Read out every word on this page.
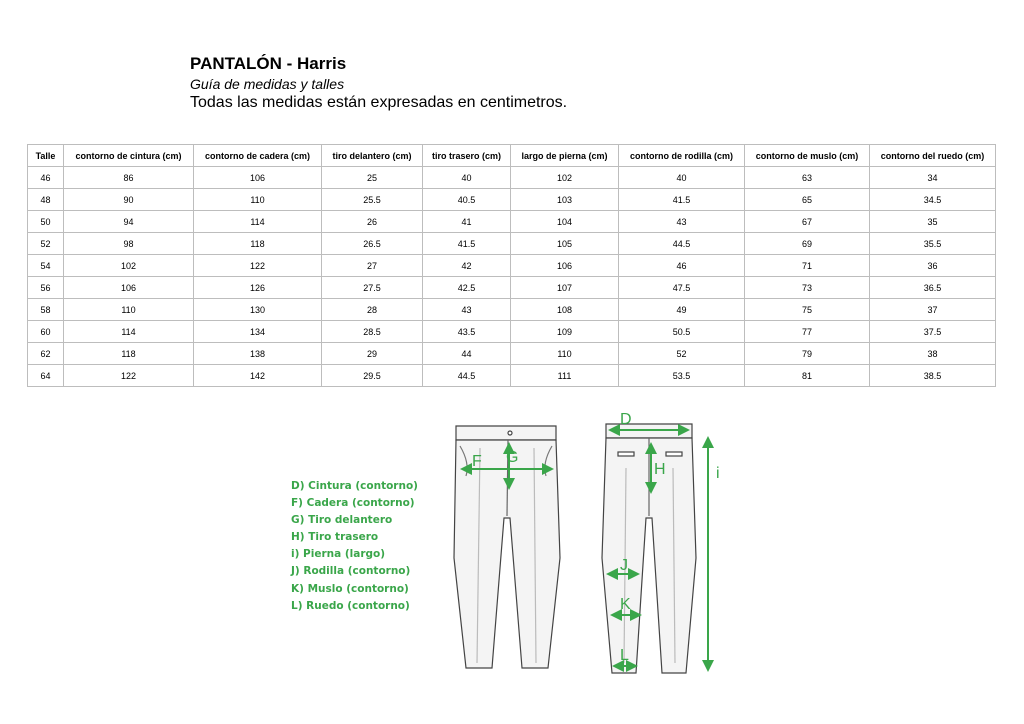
PANTALÓN - Harris
Guía de medidas y talles
Todas las medidas están expresadas en centimetros.
Talle	contorno de cintura (cm)	contorno de cadera (cm)	tiro delantero (cm)	tiro trasero (cm)	largo de pierna (cm)	contorno de rodilla (cm)	contorno de muslo (cm)	contorno del ruedo (cm)
46	86	106	25	40	102	40	63	34
48	90	110	25.5	40.5	103	41.5	65	34.5
50	94	114	26	41	104	43	67	35
52	98	118	26.5	41.5	105	44.5	69	35.5
54	102	122	27	42	106	46	71	36
56	106	126	27.5	42.5	107	47.5	73	36.5
58	110	130	28	43	108	49	75	37
60	114	134	28.5	43.5	109	50.5	77	37.5
62	118	138	29	44	110	52	79	38
64	122	142	29.5	44.5	111	53.5	81	38.5
D) Cintura (contorno)
F) Cadera (contorno)
G) Tiro delantero
H) Tiro trasero
i) Pierna (largo)
J) Rodilla (contorno)
K) Muslo (contorno)
L) Ruedo (contorno)
D
F G
H	i
J
K
L
